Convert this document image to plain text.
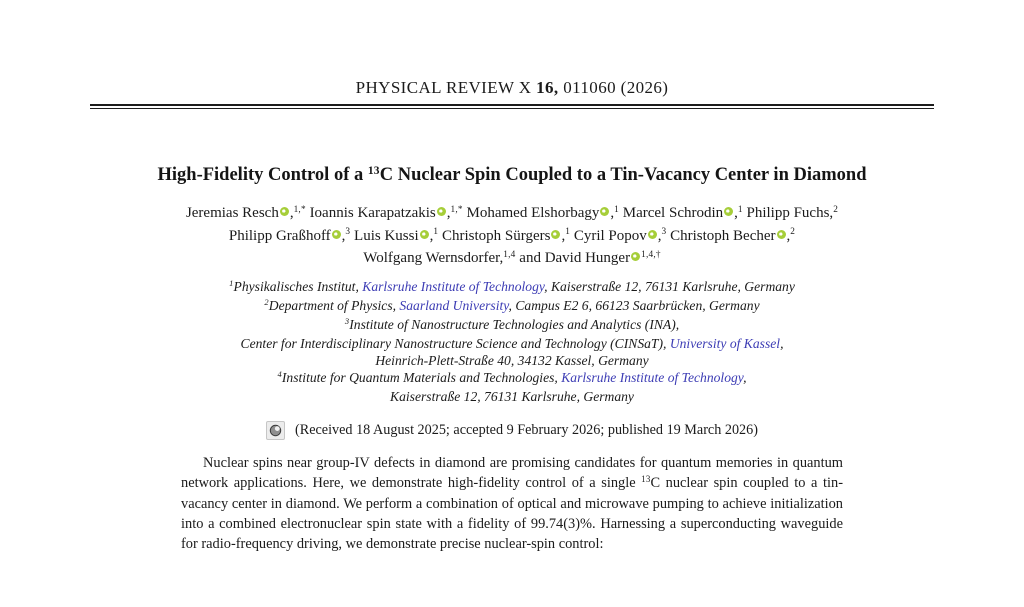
PHYSICAL REVIEW X 16, 011060 (2026)
High-Fidelity Control of a $^{13}$C Nuclear Spin Coupled to a Tin-Vacancy Center in Diamond
Jeremias Resch ,$^{1,*}$ Ioannis Karapatzakis ,$^{1,*}$ Mohamed Elshorbagy ,$^1$ Marcel Schrodin ,$^1$ Philipp Fuchs,$^2$
Philipp Graßhoff ,$^3$ Luis Kussi ,$^1$ Christoph Sürgers ,$^1$ Cyril Popov ,$^3$ Christoph Becher ,$^2$
Wolfgang Wernsdorfer,$^{1,4}$ and David Hunger $^{1,4,\dagger}$
$^1$Physikalisches Institut, Karlsruhe Institute of Technology, Kaiserstraße 12, 76131 Karlsruhe, Germany
$^2$Department of Physics, Saarland University, Campus E2 6, 66123 Saarbrücken, Germany
$^3$Institute of Nanostructure Technologies and Analytics (INA),
Center for Interdisciplinary Nanostructure Science and Technology (CINSaT), University of Kassel,
Heinrich-Plett-Straße 40, 34132 Kassel, Germany
$^4$Institute for Quantum Materials and Technologies, Karlsruhe Institute of Technology,
Kaiserstraße 12, 76131 Karlsruhe, Germany
(Received 18 August 2025; accepted 9 February 2026; published 19 March 2026)

Nuclear spins near group-IV defects in diamond are promising candidates for quantum memories in quantum network applications. Here, we demonstrate high-fidelity control of a single $^{13}$C nuclear spin coupled to a tin-vacancy center in diamond. We perform a combination of optical and microwave pumping to achieve initialization into a combined electronuclear spin state with a fidelity of 99.74(3)%. Harnessing a superconducting waveguide for radio-frequency driving, we demonstrate precise nuclear-spin control:
